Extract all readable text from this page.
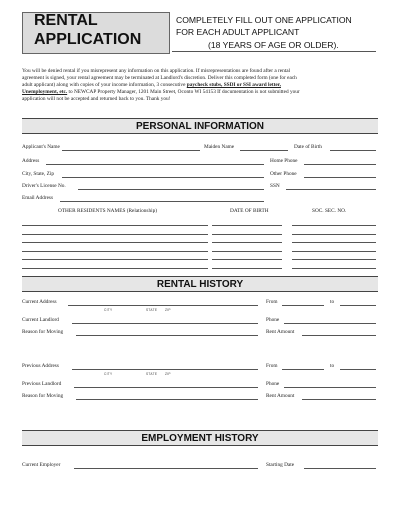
RENTAL
APPLICATION
COMPLETELY FILL OUT ONE APPLICATION
FOR EACH ADULT APPLICANT
(18 YEARS OF AGE OR OLDER).
You will be denied rental if you misrepresent any information on this application. If misrepresentations are found after a rental
agreement is signed, your rental agreement may be terminated at Landlord's discretion. Deliver this completed form (one for each
adult applicant) along with copies of your income information, 3 consecutive paycheck stubs, SSDI or SSI award letter,
Unemployment, etc. to NEWCAP Property Manager, 1201 Main Street, Oconto WI 54153 If documentation is not submitted your
application will not be accepted and returned back to you. Thank you!
PERSONAL INFORMATION
Applicant's Name	Maiden Name	Date of Birth
Address	Home Phone
City, State, Zip	Other Phone
Driver's License No.	SSN
Email Address
OTHER RESIDENTS NAMES (Relationship)	DATE OF BIRTH	SOC. SEC. NO.
RENTAL HISTORY
Current Address
CITY	STATE ZIP
From	to
Current Landlord	Phone
Reason for Moving	Rent Amount
Previous Address
CITY	STATE ZIP
From	to
Previous Landlord	Phone
Reason for Moving	Rent Amount
EMPLOYMENT HISTORY
Current Employer	Starting Date
